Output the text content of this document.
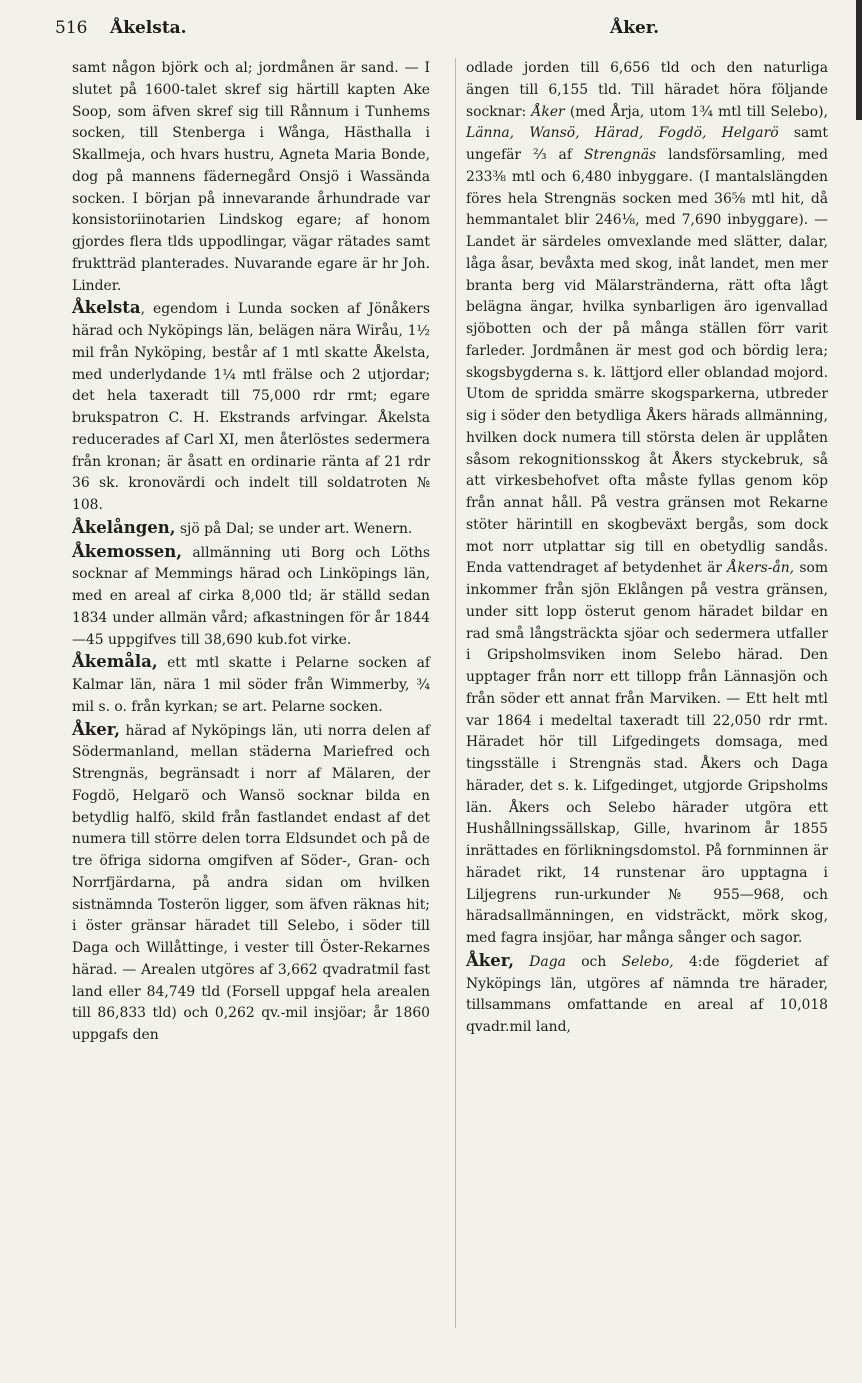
516 Åkelsta.	Åker.

samt någon björk och al; jordmånen är sand. — I slutet på 1600-talet skref sig härtill kapten Ake Soop, som äfven skref sig till Rånnum i Tunhems socken, till Stenberga i Wånga, Hästhalla i Skallmeja, och hvars hustru, Agneta Maria Bonde, dog på mannens fädernegård Onsjö i Wassända socken. I början på innevarande århundrade var konsistoriinotarien Lindskog egare; af honom gjordes flera tlds uppodlingar, vägar rätades samt fruktträd planterades. Nuvarande egare är hr Joh. Linder.

Åkelsta, egendom i Lunda socken af Jönåkers härad och Nyköpings län, belägen nära Wiråu, 1½ mil från Nyköping, består af 1 mtl skatte Åkelsta, med underlydande 1¼ mtl frälse och 2 utjordar; det hela taxeradt till 75,000 rdr rmt; egare brukspatron C. H. Ekstrands arfvingar. Åkelsta reducerades af Carl XI, men återlöstes sedermera från kronan; är åsatt en ordinarie ränta af 21 rdr 36 sk. kronovärdi och indelt till soldatroten № 108.

Åkelången, sjö på Dal; se under art. Wenern.

Åkemossen, allmänning uti Borg och Löths socknar af Memmings härad och Linköpings län, med en areal af cirka 8,000 tld; är ställd sedan 1834 under allmän vård; afkastningen för år 1844 —45 uppgifves till 38,690 kub.fot virke.

Åkemåla, ett mtl skatte i Pelarne socken af Kalmar län, nära 1 mil söder från Wimmerby, ¾ mil s. o. från kyrkan; se art. Pelarne socken.

Åker, härad af Nyköpings län, uti norra delen af Södermanland, mellan städerna Mariefred och Strengnäs, begränsadt i norr af Mälaren, der Fogdö, Helgarö och Wansö socknar bilda en betydlig halfö, skild från fastlandet endast af det numera till större delen torra Eldsundet och på de tre öfriga sidorna omgifven af Söder-, Gran- och Norrfjärdarna, på andra sidan om hvilken sistnämnda Tosterön ligger, som äfven räknas hit; i öster gränsar häradet till Selebo, i söder till Daga och Willåttinge, i vester till Öster-Rekarnes härad. — Arealen utgöres af 3,662 qvadratmil fast land eller 84,749 tld (Forsell uppgaf hela arealen till 86,833 tld) och 0,262 qv.-mil insjöar; år 1860 uppgafs den

odlade jorden till 6,656 tld och den naturliga ängen till 6,155 tld. Till häradet höra följande socknar: Åker (med Årja, utom 1¾ mtl till Selebo), Länna, Wansö, Härad, Fogdö, Helgarö samt ungefär ⅔ af Strengnäs landsförsamling, med 233⅜ mtl och 6,480 inbyggare. (I mantalslängden föres hela Strengnäs socken med 36⅝ mtl hit, då hemmantalet blir 246⅛, med 7,690 inbyggare). — Landet är särdeles omvexlande med slätter, dalar, låga åsar, bevåxta med skog, inåt landet, men mer branta berg vid Mälarstränderna, rätt ofta lågt belägna ängar, hvilka synbarligen äro igenvallad sjöbotten och der på många ställen förr varit farleder. Jordmånen är mest god och bördig lera; skogsbygderna s. k. lättjord eller oblandad mojord. Utom de spridda smärre skogsparkerna, utbreder sig i söder den betydliga Åkers härads allmänning, hvilken dock numera till största delen är upplåten såsom rekognitionsskog åt Åkers styckebruk, så att virkesbehofvet ofta måste fyllas genom köp från annat håll. På vestra gränsen mot Rekarne stöter härintill en skogbeväxt bergås, som dock mot norr utplattar sig till en obetydlig sandås. Enda vattendraget af betydenhet är Åkers-ån, som inkommer från sjön Eklången på vestra gränsen, under sitt lopp österut genom häradet bildar en rad små långsträckta sjöar och sedermera utfaller i Gripsholmsviken inom Selebo härad. Den upptager från norr ett tillopp från Lännasjön och från söder ett annat från Marviken. — Ett helt mtl var 1864 i medeltal taxeradt till 22,050 rdr rmt. Häradet hör till Lifgedingets domsaga, med tingsställe i Strengnäs stad. Åkers och Daga härader, det s. k. Lifgedinget, utgjorde Gripsholms län. Åkers och Selebo härader utgöra ett Hushållningssällskap, Gille, hvarinom år 1855 inrättades en förlikningsdomstol. På fornminnen är häradet rikt, 14 runstenar äro upptagna i Liljegrens run-urkunder № 955—968, och häradsallmänningen, en vidsträckt, mörk skog, med fagra insjöar, har många sånger och sagor.

Åker, Daga och Selebo, 4:de fögderiet af Nyköpings län, utgöres af nämnda tre härader, tillsammans omfattande en areal af 10,018 qvadr.mil land,
